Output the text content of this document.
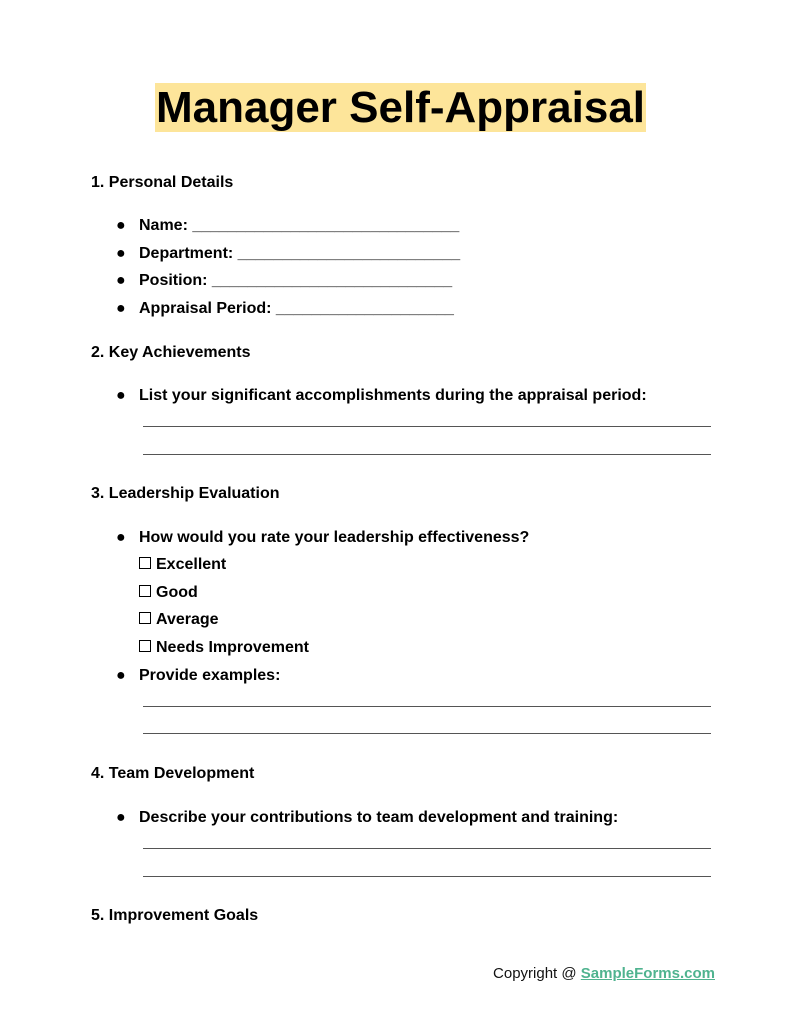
Manager Self-Appraisal
1. Personal Details
● Name: ______________________________
● Department: _________________________
● Position: ___________________________
● Appraisal Period: ____________________
2. Key Achievements
● List your significant accomplishments during the appraisal period:
3. Leadership Evaluation
● How would you rate your leadership effectiveness?
Excellent
Good
Average
Needs Improvement
● Provide examples:
4. Team Development
● Describe your contributions to team development and training:
5. Improvement Goals
Copyright @ SampleForms.com
